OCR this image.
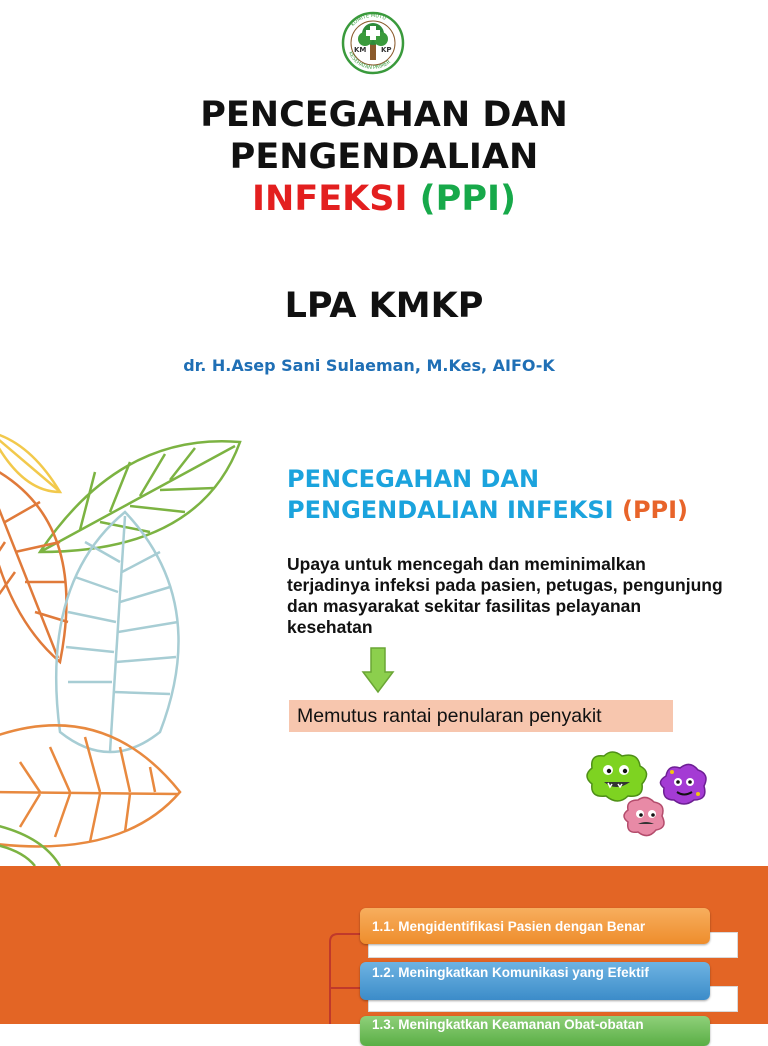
KM KP
KOMITE MUTU
KESEHATAN PRIMER
PENCEGAHAN DAN
PENGENDALIAN
INFEKSI (PPI)
LPA KMKP
dr. H.Asep Sani Sulaeman, M.Kes, AIFO-K
PENCEGAHAN DAN PENGENDALIAN INFEKSI (PPI)
Upaya untuk mencegah dan meminimalkan terjadinya infeksi pada pasien, petugas, pengunjung dan masyarakat sekitar fasilitas pelayanan kesehatan
Memutus rantai penularan penyakit
1.1. Mengidentifikasi Pasien dengan Benar
1.2. Meningkatkan Komunikasi yang Efektif
1.3. Meningkatkan Keamanan Obat-obatan
